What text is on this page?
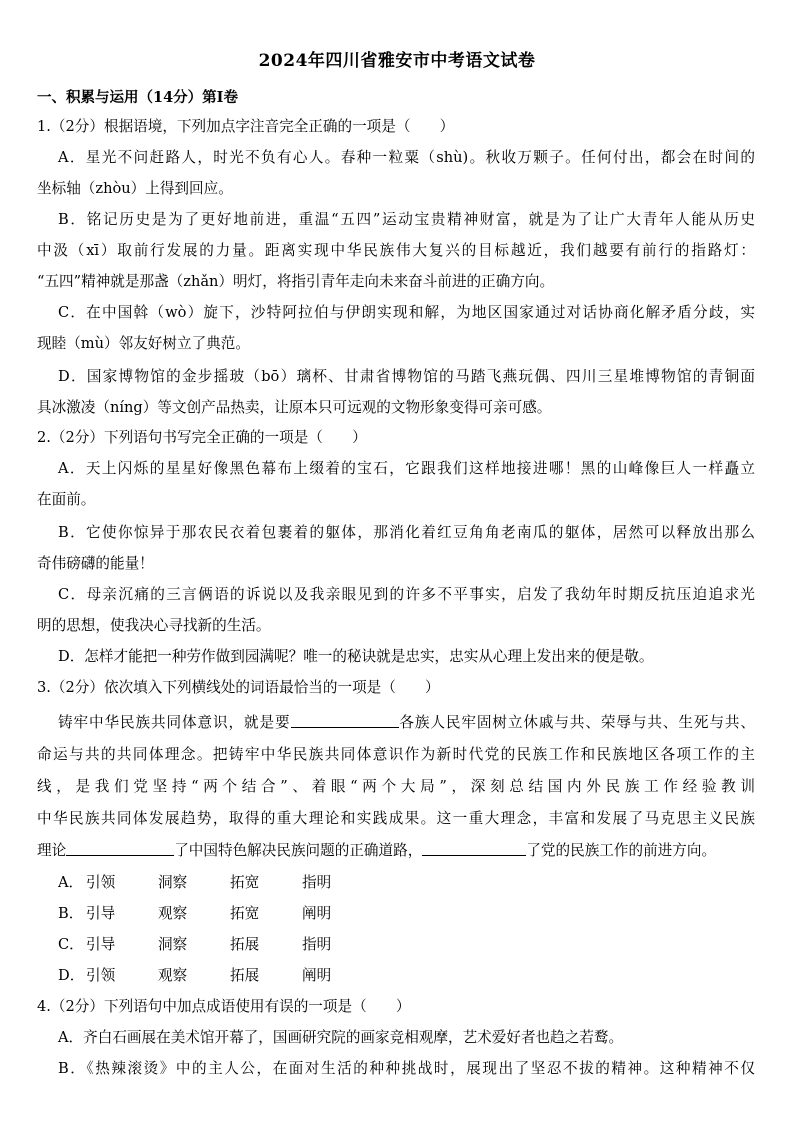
2024年四川省雅安市中考语文试卷
一、积累与运用（14分）第Ⅰ卷
1.（2分）根据语境，下列加点字注音完全正确的一项是（　　）
A．星光不问赶路人，时光不负有心人。春种一粒粟（shù)。秋收万颗子。任何付出，都会在时间的
坐标轴（zhòu）上得到回应。
B．铭记历史是为了更好地前进，重温“五四”运动宝贵精神财富，就是为了让广大青年人能从历史
中汲（xī）取前行发展的力量。距离实现中华民族伟大复兴的目标越近，我们越要有前行的指路灯：
“五四”精神就是那盏（zhǎn）明灯，将指引青年走向未来奋斗前进的正确方向。
C．在中国斡（wò）旋下，沙特阿拉伯与伊朗实现和解，为地区国家通过对话协商化解矛盾分歧，实
现睦（mù）邻友好树立了典范。
D．国家博物馆的金步摇玻（bō）璃杯、甘肃省博物馆的马踏飞燕玩偶、四川三星堆博物馆的青铜面
具冰激凌（níng）等文创产品热卖，让原本只可远观的文物形象变得可亲可感。
2.（2分）下列语句书写完全正确的一项是（　　）
A．天上闪烁的星星好像黑色幕布上缀着的宝石，它跟我们这样地接进哪！黑的山峰像巨人一样矗立
在面前。
B．它使你惊异于那农民衣着包裹着的躯体，那消化着红豆角角老南瓜的躯体，居然可以释放出那么
奇伟磅礴的能量！
C．母亲沉痛的三言俩语的诉说以及我亲眼见到的许多不平事实，启发了我幼年时期反抗压迫追求光
明的思想，使我决心寻找新的生活。
D．怎样才能把一种劳作做到园满呢？唯一的秘诀就是忠实，忠实从心理上发出来的便是敬。
3.（2分）依次填入下列横线处的词语最恰当的一项是（　　）
铸牢中华民族共同体意识，就是要	各族人民牢固树立休戚与共、荣辱与共、生死与共、
命运与共的共同体理念。把铸牢中华民族共同体意识作为新时代党的民族工作和民族地区各项工作的主
线，是我们党坚持“两个结合”、着眼“两个大局”，深刻总结国内外民族工作经验教训
中华民族共同体发展趋势，取得的重大理论和实践成果。这一重大理念，丰富和发展了马克思主义民族
理论	了中国特色解决民族问题的正确道路，	了党的民族工作的前进方向。
A． 引领	洞察	拓宽	指明
B． 引导	观察	拓宽	阐明
C． 引导	洞察	拓展	指明
D． 引领	观察	拓展	阐明
4.（2分）下列语句中加点成语使用有误的一项是（　　）
A．齐白石画展在美术馆开幕了，国画研究院的画家竞相观摩，艺术爱好者也趋之若鹜。
B．《热辣滚烫》中的主人公，在面对生活的种种挑战时，展现出了坚忍不拔的精神。这种精神不仅
